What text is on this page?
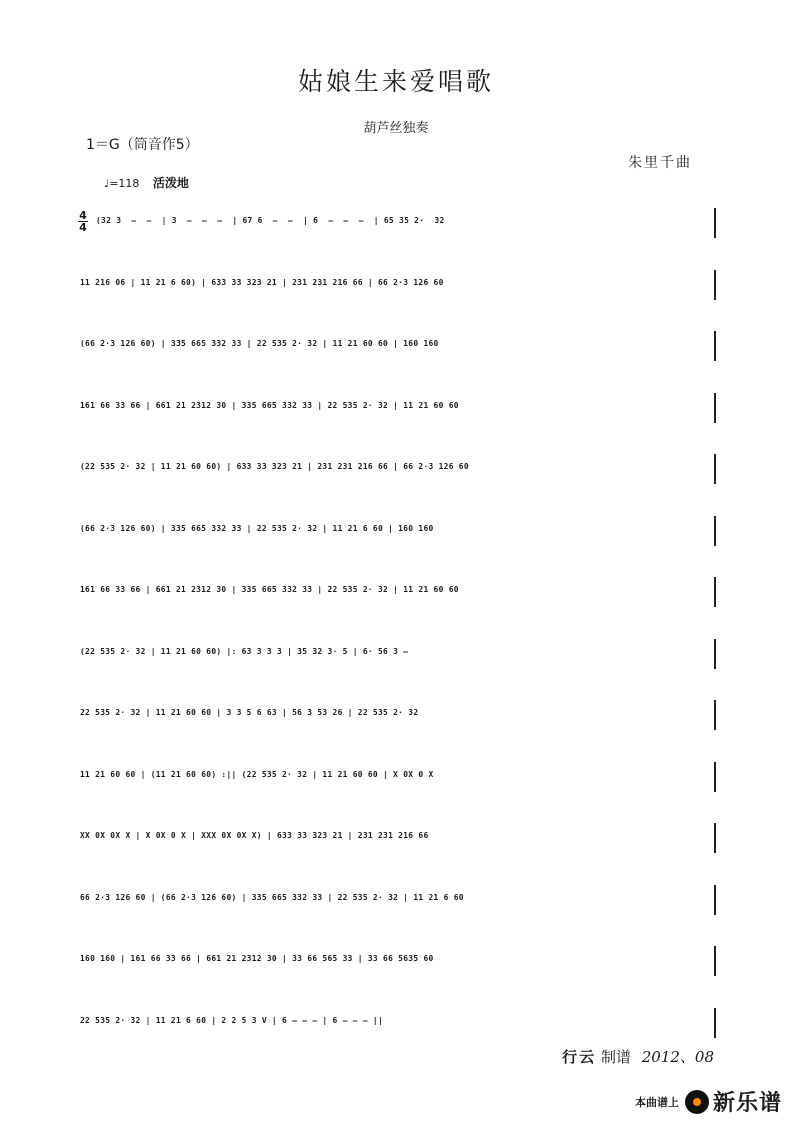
姑娘生来爱唱歌
葫芦丝独奏
1＝G（筒音作5）
朱里千曲
♩=118 活泼地
(32 3  –  –  | 3  –  –  –  | 67 6  –  –  | 6  –  –  –  | 65 35 2·  32
4
4
11 216 06 | 11 21 6 60) | 633 33 323 21 | 231 231 216 66 | 66 2·3 126 60
(66 2·3 126 60) | 335 665 332 33 | 22 535 2· 32 | 11 21 60 60 | 160 160
161 66 33 66 | 661 21 2312 30 | 335 665 332 33 | 22 535 2· 32 | 11 21 60 60
(22 535 2· 32 | 11 21 60 60) | 633 33 323 21 | 231 231 216 66 | 66 2·3 126 60
(66 2·3 126 60) | 335 665 332 33 | 22 535 2· 32 | 11 21 6 60 | 160 160
161 66 33 66 | 661 21 2312 30 | 335 665 332 33 | 22 535 2· 32 | 11 21 60 60
(22 535 2· 32 | 11 21 60 60) |: 63 3 3 3 | 35 32 3· 5 | 6· 56 3 –
22 535 2· 32 | 11 21 60 60 | 3 3 5 6 63 | 56 3 53 26 | 22 535 2· 32
11 21 60 60 | (11 21 60 60) :|| (22 535 2· 32 | 11 21 60 60 | X 0X 0 X
XX 0X 0X X | X 0X 0 X | XXX 0X 0X X) | 633 33 323 21 | 231 231 216 66
66 2·3 126 60 | (66 2·3 126 60) | 335 665 332 33 | 22 535 2· 32 | 11 21 6 60
160 160 | 161 66 33 66 | 661 21 2312 30 | 33 66 565 33 | 33 66 5635 60
22 535 2· 32 | 11 21 6 60 | 2 2 5 3 V | 6 – – – | 6 – – – ||
行云 制谱 2012、08
本曲谱上 新乐谱
